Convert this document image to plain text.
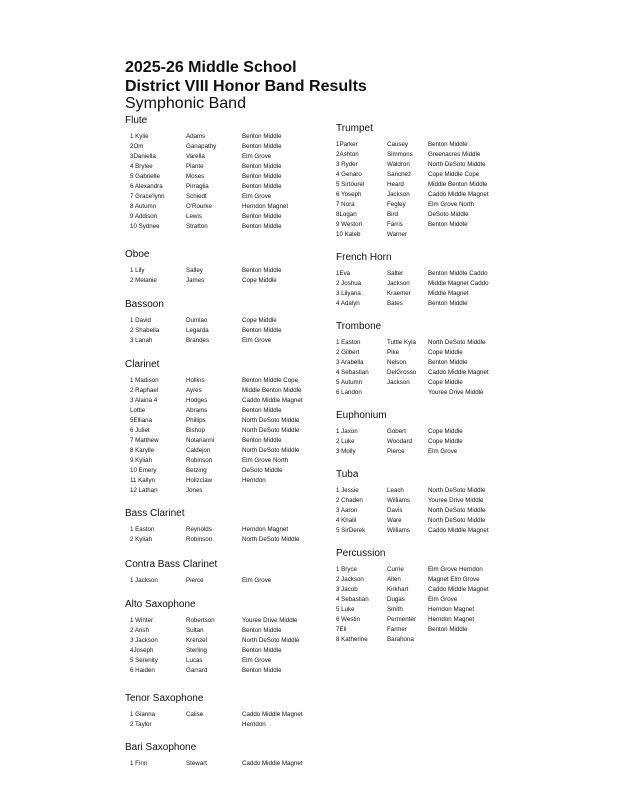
2025-26 Middle School
District VIII Honor Band Results
Symphonic Band
Flute
1 Kylie	Adams	Benton Middle
2Om	Ganapathy	Benton Middle
3Daniella	Varella	Elm Grove
4 Brylee	Plante	Benton Middle
5 Gabrielle	Moses	Benton Middle
6 Alexandra	Pirraglia	Benton Middle
7 Grace'lynn	Schiedt	Elm Grove
8 Autumn	O'Rourke	Herndon Magnet
9 Addison	Lewis	Benton Middle
10 Sydnee	Stratton	Benton Middle
Oboe
1 Lily	Salley	Benton Middle
2 Melanie	James	Cope Middle
Bassoon
1 David	Dumlao	Cope Middle
2 Shabella	Legarda	Benton Middle
3 Lanah	Brandes	Elm Grove
Clarinet
1 Madison	Hollins	Benton Middle Cope
2 Raphael	Ayres	Middle Benton Middle
3 Alaina 4	Hodges	Caddo Middle Magnet
Lottie	Abrams	Benton Middle
5Elliana	Phillips	North DeSoto Middle
6 Juliet	Bishop	North DeSoto Middle
7 Matthew	Notarianni	Benton Middle
8 Karylle	Caldejon	North DeSoto Middle
9 Kyliah	Robinson	Elm Grove North
10 Emery	Betzing	DeSoto Middle
11 Kallyn	Hollzclaw	Herndon
12 Lathan	Jones	
Bass Clarinet
1 Easton	Reynolds	Herndon Magnet
2 Kyliah	Robinson	North DeSoto Middle
Contra Bass Clarinet
1 Jackson	Pierce	Elm Grove
Alto Saxophone
1 Winter	Robertson	Youree Drive Middle
2 Arish	Sultan	Benton Middle
3 Jackson	Krenzel	North DeSoto Middle
4Joseph	Sterling	Benton Middle
5 Serenity	Lucas	Elm Grove
6 Haiden	Garrard	Benton Middle
Tenor Saxophone
1 Gianna	Calise	Caddo Middle Magnet
2 Taylor		Herndon
Bari Saxophone
1 Finn	Stewart	Caddo Middle Magnet
Trumpet
1Parker	Causey	Benton Middle
2Ashton	Simmons	Greenacres Middle
3 Ryder	Waldron	North DeSoto Middle
4 Genaro	Sanchez	Cope Middle Cope
5 Sirtourel	Heard	Middle Benton Middle
6 Yoseph	Jackson	Caddo Middle Magnet
7 Nora	Fegley	Elm Grove North
8Logan	Bird	DeSoto Middle
9 Weston	Farris	Benton Middle
10 Kaleb	Warner	
French Horn
1Eva	Salter	Benton Middle Caddo
2 Joshua	Jackson	Middle Magnet Caddo
3 Lilyana	Kraemer	Middle Magnet
4 Adalyn	Bates	Benton Middle
Trombone
1 Easton	Tuttle Kyla	North DeSoto Middle
2 Gilbert	Pike	Cope Middle
3 Arabella	Nelson	Benton Middle
4 Sebastian	DelGrosso	Caddo Middle Magnet
5 Autumn	Jackson	Cope Middle
6 Landon		Youree Drive Middle
Euphonium
1 Jaxon	Gobert	Cope Middle
2 Luke	Woodard	Cope Middle
3 Molly	Pierce	Elm Grove
Tuba
1 Jessie	Leach	North DeSoto Middle
2 Chaden	Williams	Youree Drive Middle
3 Aaron	Davis	North DeSoto Middle
4 Khalil	Ware	North DeSoto Middle
5 SirDerek	Williams	Caddo Middle Magnet
Percussion
1 Bryce	Currie	Elm Grove Herndon
2 Jackson	Allen	Magnet Elm Grove
3 Jacob	Kirkhart	Caddo Middle Magnet
4 Sebastian	Dugas	Elm Grove
5 Luke	Smith	Herndon Magnet
6 Westin	Permenter	Herndon Magnet
7Eli	Farmer	Benton Middle
8 Katherine	Barahona	
